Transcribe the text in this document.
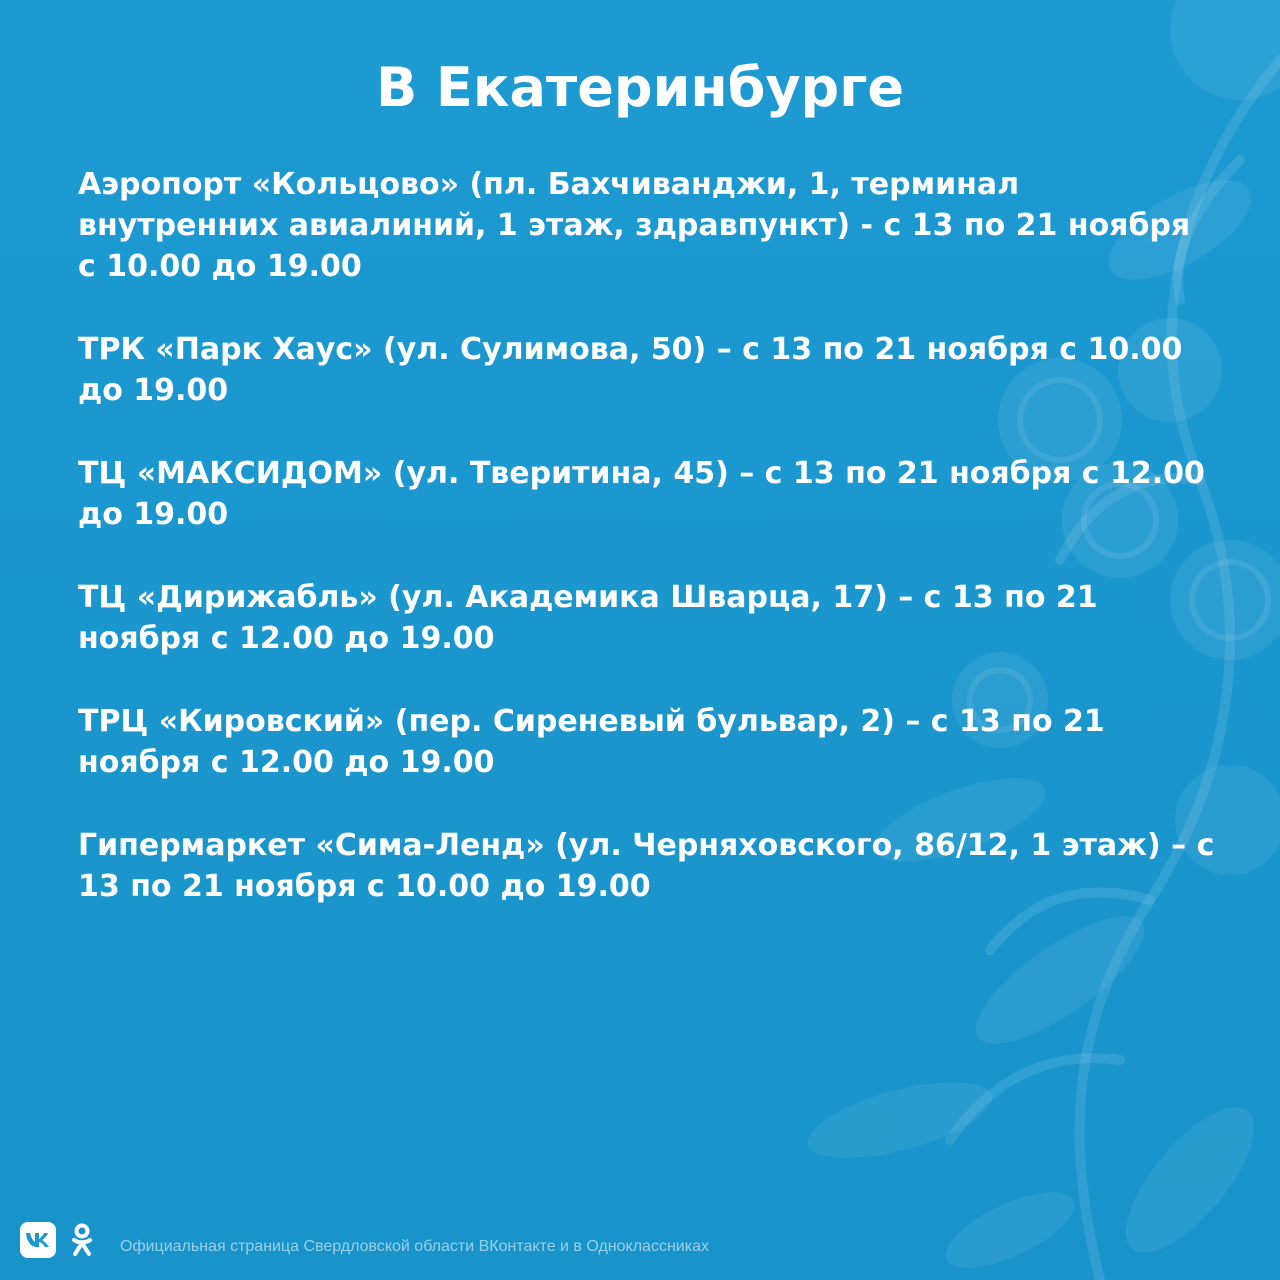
В Екатеринбурге
Аэропорт «Кольцово» (пл. Бахчиванджи, 1, терминал внутренних авиалиний, 1 этаж, здравпункт) - с 13 по 21 ноября с 10.00 до 19.00
ТРК «Парк Хаус» (ул. Сулимова, 50) – с 13 по 21 ноября с 10.00 до 19.00
ТЦ «МАКСИДОМ» (ул. Тверитина, 45) – с 13 по 21 ноября с 12.00 до 19.00
ТЦ «Дирижабль» (ул. Академика Шварца, 17) – с 13 по 21 ноября с 12.00 до 19.00
ТРЦ «Кировский» (пер. Сиреневый бульвар, 2) – с 13 по 21 ноября с 12.00 до 19.00
Гипермаркет «Сима-Ленд» (ул. Черняховского, 86/12, 1 этаж) – с 13 по 21 ноября с 10.00 до 19.00
Официальная страница Свердловской области ВКонтакте и в Одноклассниках
